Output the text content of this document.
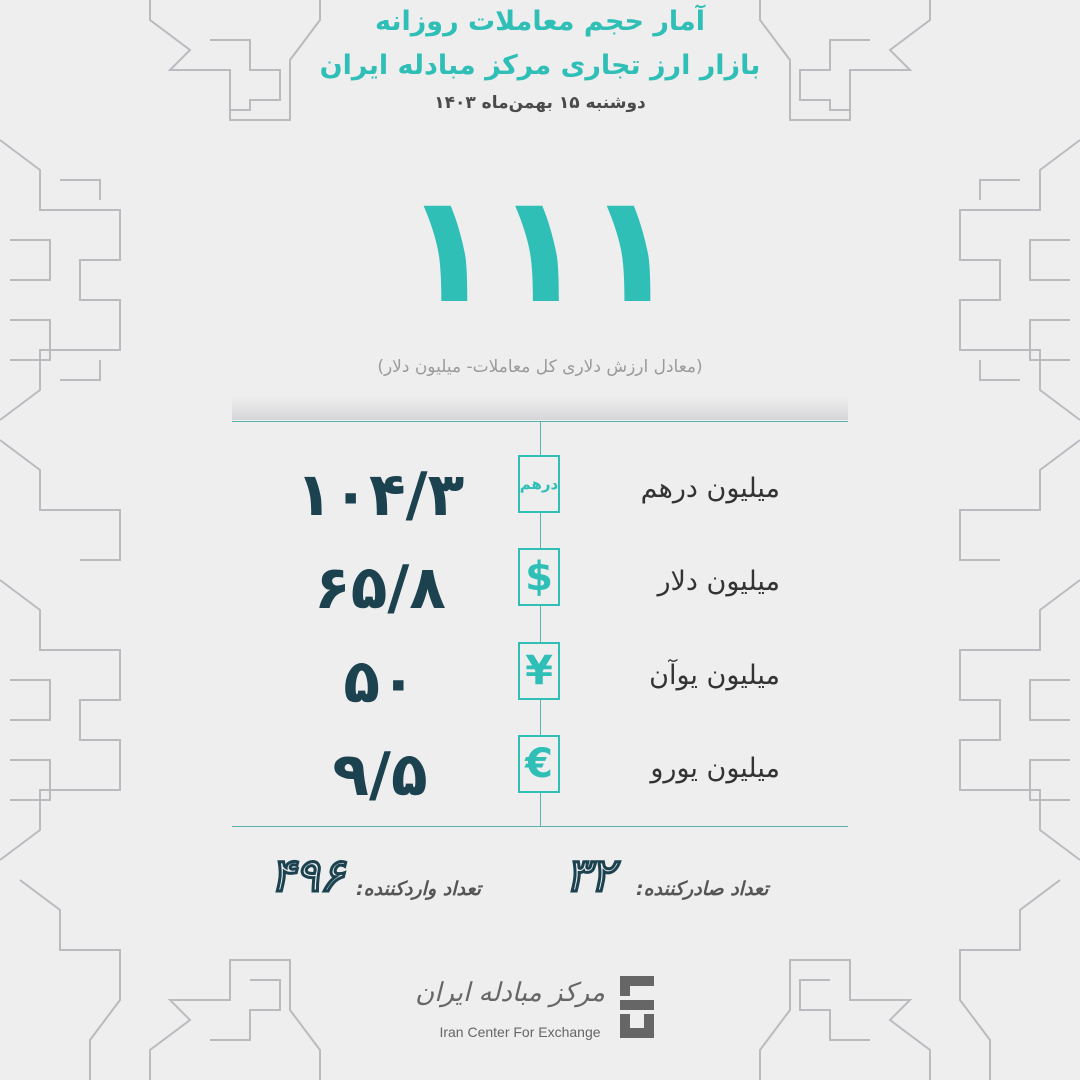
آمار حجم معاملات روزانه
بازار ارز تجاری مرکز مبادله ایران
دوشنبه ۱۵ بهمن‌ماه ۱۴۰۳
۱۱۱
(معادل ارزش دلاری کل معاملات- میلیون دلار)
میلیون درهم
درهم
۱۰۴/۳
میلیون دلار
$
۶۵/۸
میلیون یوآن
¥
۵۰
میلیون یورو
€
۹/۵
تعداد صادرکننده:
۳۲
تعداد واردکننده:
۴۹۶
مرکز مبادله ایران
Iran Center For Exchange
